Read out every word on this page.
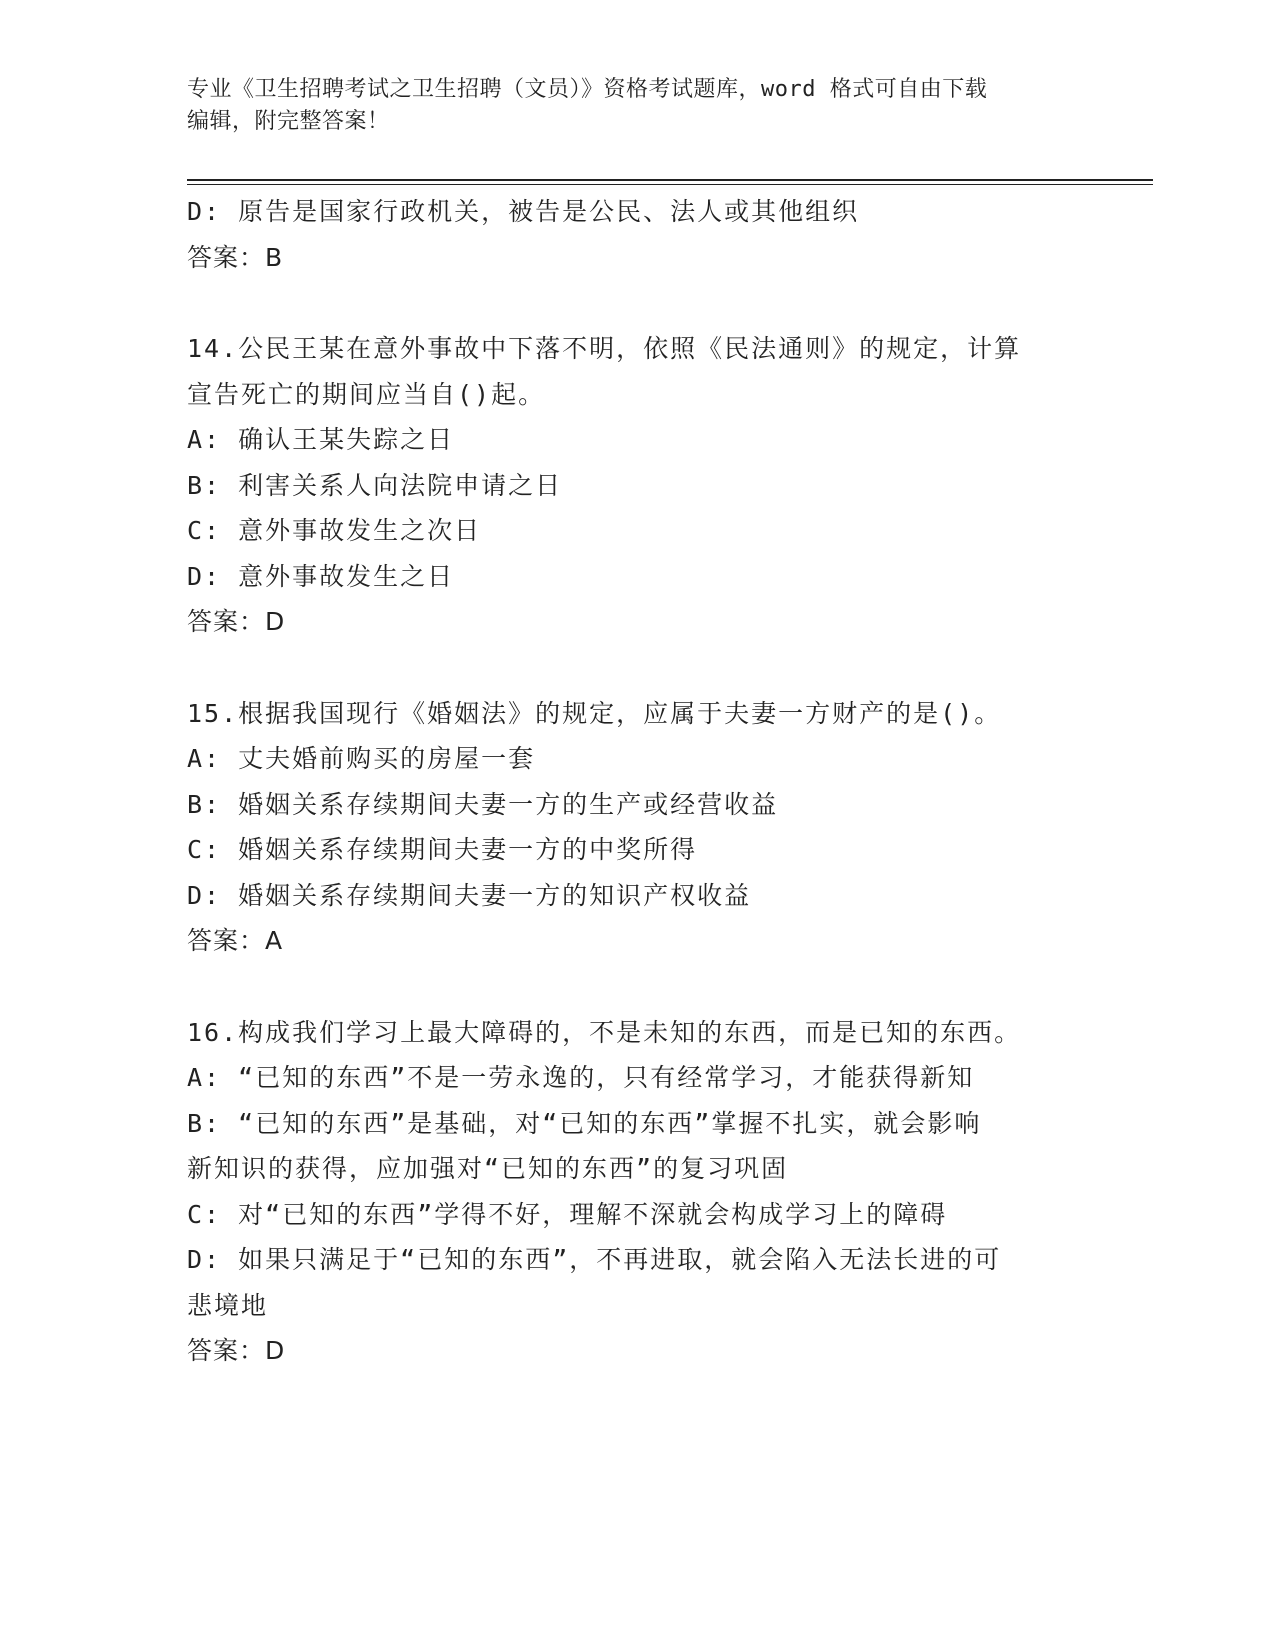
专业《卫生招聘考试之卫生招聘（文员）》资格考试题库，word 格式可自由下载
编辑，附完整答案！
D: 原告是国家行政机关，被告是公民、法人或其他组织
答案：B
14.公民王某在意外事故中下落不明，依照《民法通则》的规定，计算
宣告死亡的期间应当自()起。
A: 确认王某失踪之日
B: 利害关系人向法院申请之日
C: 意外事故发生之次日
D: 意外事故发生之日
答案：D
15.根据我国现行《婚姻法》的规定，应属于夫妻一方财产的是()。
A: 丈夫婚前购买的房屋一套
B: 婚姻关系存续期间夫妻一方的生产或经营收益
C: 婚姻关系存续期间夫妻一方的中奖所得
D: 婚姻关系存续期间夫妻一方的知识产权收益
答案：A
16.构成我们学习上最大障碍的，不是未知的东西，而是已知的东西。
A: “已知的东西”不是一劳永逸的，只有经常学习，才能获得新知
B: “已知的东西”是基础，对“已知的东西”掌握不扎实，就会影响
新知识的获得，应加强对“已知的东西”的复习巩固
C: 对“已知的东西”学得不好，理解不深就会构成学习上的障碍
D: 如果只满足于“已知的东西”，不再进取，就会陷入无法长进的可
悲境地
答案：D
